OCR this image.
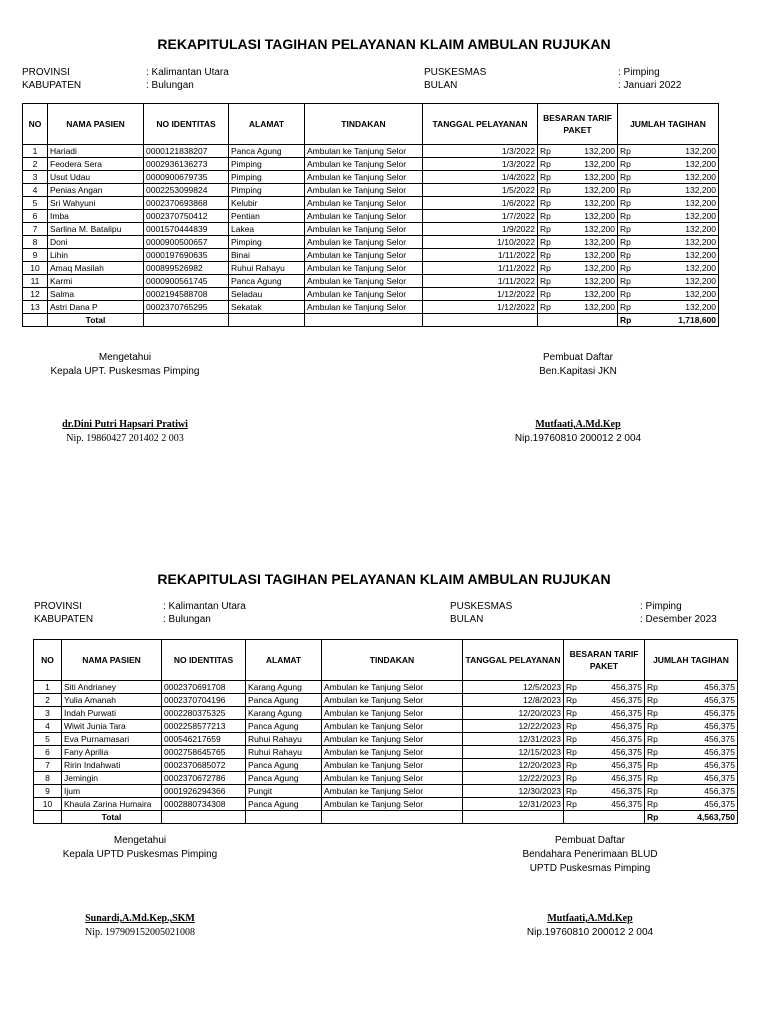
REKAPITULASI TAGIHAN PELAYANAN KLAIM AMBULAN RUJUKAN
PROVINSI	: Kalimantan Utara
KABUPATEN	: Bulungan
PUSKESMAS	: Pimping
BULAN	: Januari 2022
NO	NAMA PASIEN	NO IDENTITAS	ALAMAT	TINDAKAN	TANGGAL PELAYANAN	BESARAN TARIF PAKET		JUMLAH TAGIHAN	
1	Hariadi	0000121838207	Panca Agung	Ambulan ke Tanjung Selor	1/3/2022	Rp	132,200	Rp	132,200
2	Feodera Sera	0002936136273	Pimping	Ambulan ke Tanjung Selor	1/3/2022	Rp	132,200	Rp	132,200
3	Usut Udau	0000900679735	Pimping	Ambulan ke Tanjung Selor	1/4/2022	Rp	132,200	Rp	132,200
4	Penias Angan	0002253099824	Pimping	Ambulan ke Tanjung Selor	1/5/2022	Rp	132,200	Rp	132,200
5	Sri Wahyuni	0002370693868	Kelubir	Ambulan ke Tanjung Selor	1/6/2022	Rp	132,200	Rp	132,200
6	Imba	0002370750412	Pentian	Ambulan ke Tanjung Selor	1/7/2022	Rp	132,200	Rp	132,200
7	Sarlina M. Batalipu	0001570444839	Lakea	Ambulan ke Tanjung Selor	1/9/2022	Rp	132,200	Rp	132,200
8	Doni	0000900500657	Pimping	Ambulan ke Tanjung Selor	1/10/2022	Rp	132,200	Rp	132,200
9	Lihin	0000197690635	Binai	Ambulan ke Tanjung Selor	1/11/2022	Rp	132,200	Rp	132,200
10	Amaq Masilah	000899526982	Ruhui Rahayu	Ambulan ke Tanjung Selor	1/11/2022	Rp	132,200	Rp	132,200
11	Karmi	0000900561745	Panca Agung	Ambulan ke Tanjung Selor	1/11/2022	Rp	132,200	Rp	132,200
12	Salma	0002194588708	Seladau	Ambulan ke Tanjung Selor	1/12/2022	Rp	132,200	Rp	132,200
13	Astri Dana P	0002370765295	Sekatak	Ambulan ke Tanjung Selor	1/12/2022	Rp	132,200	Rp	132,200
	Total							Rp	1,718,600
Mengetahui
Kepala UPT. Puskesmas Pimping
dr.Dini Putri Hapsari Pratiwi
Nip. 19860427 201402 2 003
Pembuat Daftar
Ben.Kapitasi JKN
Mutfaati,A.Md.Kep
Nip.19760810 200012 2 004
REKAPITULASI TAGIHAN PELAYANAN KLAIM AMBULAN RUJUKAN
PROVINSI	: Kalimantan Utara
KABUPATEN	: Bulungan
PUSKESMAS	: Pimping
BULAN	: Desember 2023
NO	NAMA PASIEN	NO IDENTITAS	ALAMAT	TINDAKAN	TANGGAL PELAYANAN	BESARAN TARIF PAKET		JUMLAH TAGIHAN	
1	Siti Andrianey	0002370691708	Karang Agung	Ambulan ke Tanjung Selor	12/5/2023	Rp	456,375	Rp	456,375
2	Yulia Amanah	0002370704196	Panca Agung	Ambulan ke Tanjung Selor	12/8/2023	Rp	456,375	Rp	456,375
3	Indah Purwati	0002280375325	Karang Agung	Ambulan ke Tanjung Selor	12/20/2023	Rp	456,375	Rp	456,375
4	Wiwit Junia Tara	0002258577213	Panca Agung	Ambulan ke Tanjung Selor	12/22/2023	Rp	456,375	Rp	456,375
5	Eva Purnamasari	000546217659	Ruhui Rahayu	Ambulan ke Tanjung Selor	12/31/2023	Rp	456,375	Rp	456,375
6	Fany Aprilia	0002758645765	Ruhui Rahayu	Ambulan ke Tanjung Selor	12/15/2023	Rp	456,375	Rp	456,375
7	Ririn Indahwati	0002370685072	Panca Agung	Ambulan ke Tanjung Selor	12/20/2023	Rp	456,375	Rp	456,375
8	Jemingin	0002370672786	Panca Agung	Ambulan ke Tanjung Selor	12/22/2023	Rp	456,375	Rp	456,375
9	Ijum	0001926294366	Pungit	Ambulan ke Tanjung Selor	12/30/2023	Rp	456,375	Rp	456,375
10	Khaula Zarina Humaira	0002880734308	Panca Agung	Ambulan ke Tanjung Selor	12/31/2023	Rp	456,375	Rp	456,375
	Total							Rp	4,563,750
Mengetahui
Kepala UPTD Puskesmas Pimping
Sunardi,A.Md.Kep.,SKM
Nip. 197909152005021008
Pembuat Daftar
Bendahara Penerimaan BLUD
UPTD Puskesmas Pimping
Mutfaati,A.Md.Kep
Nip.19760810 200012 2 004
